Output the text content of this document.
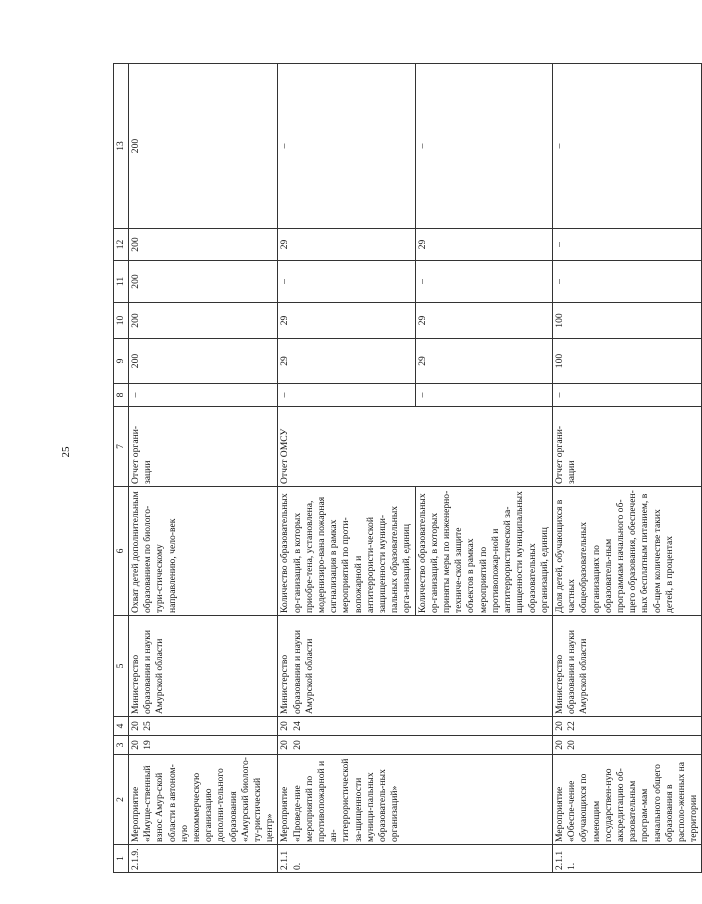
25
1	2	3	4	5	6	7	8	9	10	11	12	13
2.1.9.	Мероприятие «Имуще-ственный взнос Амур-ской области в автоном-ную некоммерческую организацию дополни-тельного образования «Амурский биолого-ту-ристический центр»	2019	2025	Министерство образования и науки Амурской области	Охват детей дополнительным образованием по биолого-тури-стическому направлению, чело-век	Отчет органи-зации	–	200	200	200	200	200
2.1.10.	Мероприятие «Проведе-ние мероприятий по противопожарной и ан-титеррористической за-щищенности муници-пальных образователь-ных организаций»	2020	2024	Министерство образования и науки Амурской области	Количество образовательных ор-ганизаций, в которых приобре-тена, установлена, модернизиро-вана пожарная сигнализация в рамках мероприятий по проти-вопожарной и антитеррористи-ческой защищенности муници-пальных образовательных орга-низаций, единиц	Отчет ОМСУ	–	29	29	–	29	–
					Количество образовательных ор-ганизаций, в которых приняты меры по инженерно-техниче-ской защите объектов в рамках мероприятий по противопожар-ной и антитеррористической за-щищенности муниципальных образовательных организаций, единиц		–	29	29	–	29	–
2.1.11.	Мероприятие «Обеспе-чение обучающихся по имеющим государствен-ную аккредитацию об-разовательным програм-мам начального общего образования в располо-женных на территории	2020	2022	Министерство образования и науки Амурской области	Доля детей, обучающихся в частных общеобразовательных организациях по образователь-ным программам начального об-щего образования, обеспечен-ных бесплатным питанием, в об-щем количестве таких детей, в процентах	Отчет органи-зации	–	100	100	–	–	–
